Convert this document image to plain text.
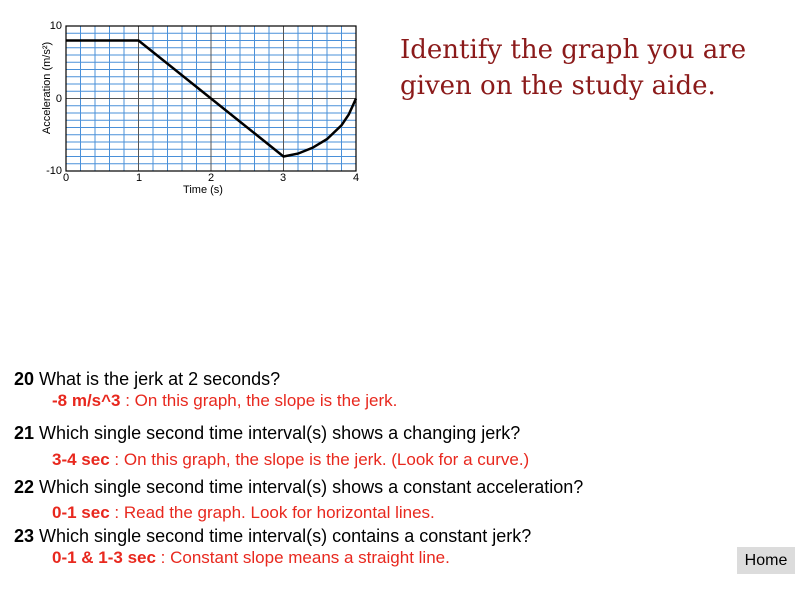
0	1	2	3	4
10
0
-10
Time (s)
Acceleration (m/s²)	Identify the graph you are given on the study aide.
20 What is the jerk at 2 seconds?
-8 m/s^3 : On this graph, the slope is the jerk.
21 Which single second time interval(s) shows a changing jerk?
3-4 sec : On this graph, the slope is the jerk. (Look for a curve.)
22 Which single second time interval(s) shows a constant acceleration?
0-1 sec : Read the graph. Look for horizontal lines.
23 Which single second time interval(s) contains a constant jerk?
0-1 & 1-3 sec : Constant slope means a straight line.	Home
